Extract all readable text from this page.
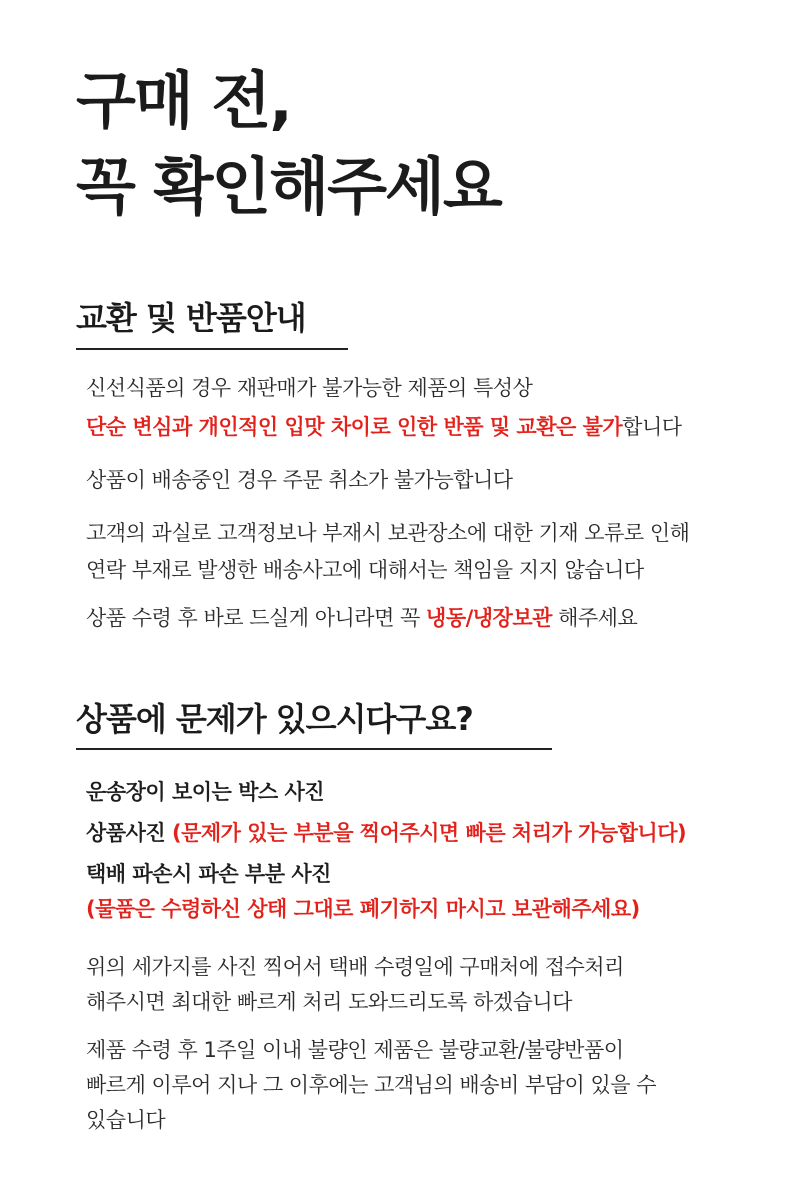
구매 전,
꼭 확인해주세요
교환 및 반품안내
신선식품의 경우 재판매가 불가능한 제품의 특성상
단순 변심과 개인적인 입맛 차이로 인한 반품 및 교환은 불가합니다
상품이 배송중인 경우 주문 취소가 불가능합니다
고객의 과실로 고객정보나 부재시 보관장소에 대한 기재 오류로 인해
연락 부재로 발생한 배송사고에 대해서는 책임을 지지 않습니다
상품 수령 후 바로 드실게 아니라면 꼭 냉동/냉장보관 해주세요
상품에 문제가 있으시다구요?
운송장이 보이는 박스 사진
상품사진 (문제가 있는 부분을 찍어주시면 빠른 처리가 가능합니다)
택배 파손시 파손 부분 사진
(물품은 수령하신 상태 그대로 폐기하지 마시고 보관해주세요)
위의 세가지를 사진 찍어서 택배 수령일에 구매처에 접수처리
해주시면 최대한 빠르게 처리 도와드리도록 하겠습니다
제품 수령 후 1주일 이내 불량인 제품은 불량교환/불량반품이
빠르게 이루어 지나 그 이후에는 고객님의 배송비 부담이 있을 수
있습니다
